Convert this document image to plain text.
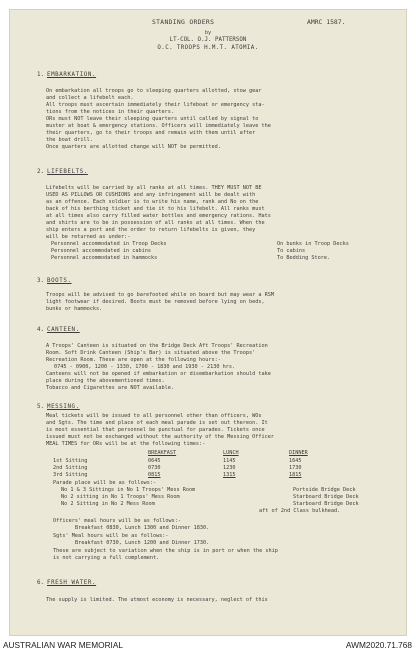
STANDING ORDERS	AMRC 1587.
by
LT-COL. O.J. PATTERSON
O.C. TROOPS H.M.T. ATOMIA.
1. EMBARKATION.
On embarkation all troops go to sleeping quarters allotted, stow gear
and collect a lifebelt each.
All troops must ascertain immediately their lifeboat or emergency sta-
tions from the notices in their quarters.
ORs must NOT leave their sleeping quarters until called by signal to
muster at boat & emergency stations. Officers will immediately leave the
their quarters, go to their troops and remain with them until after
the boat drill.
Once quarters are allotted change will NOT be permitted.
2. LIFEBELTS.
Lifebelts will be carried by all ranks at all times. THEY MUST NOT BE
USED AS PILLOWS OR CUSHIONS and any infringement will be dealt with
as an offence. Each soldier is to write his name, rank and No on the
back of his berthing ticket and tie it to his lifebelt. All ranks must
at all times also carry filled water bottles and emergency rations. Hats
and shirts are to be in possession of all ranks at all times. When the
ship enters a port and the order to return lifebelts is given, they
will be returned as under:-
Personnel accommodated in Troop Decks	On bunks in Troop Decks
Personnel accommodated in cabins	To cabins
Personnel accommodated in hammocks	To Bedding Store.
3. BOOTS.
Troops will be advised to go barefooted while on board but may wear a RSM
light footwear if desired. Boots must be removed before lying on beds,
bunks or hammocks.
4. CANTEEN.
A Troops' Canteen is situated on the Bridge Deck Aft Troops' Recreation
Room. Soft Drink Canteen (Ship's Bar) is situated above the Troops'
Recreation Room. These are open at the following hours:-
0745 - 0900, 1200 - 1330, 1700 - 1830 and 1930 - 2130 hrs.
Canteens will not be opened if embarkation or disembarkation should take
place during the abovementioned times.
Tobacco and Cigarettes are NOT available.
5. MESSING.
Meal tickets will be issued to all personnel other than officers, WOs
and Sgts. The time and place of each meal parade is set out thereon. It
is most essential that personnel be punctual for parades. Tickets once
issued must not be exchanged without the authority of the Messing Officer
MEAL TIMES for ORs will be at the following times:-
BREAKFAST	LUNCH	DINNER
1st Sitting	0645	1145	1645
2nd Sitting	0730	1230	1730
3rd Sitting	0815	1315	1815
Parade place will be as follows:-
No 1 & 3 Sittings in No 1 Troops' Mess Room	Portside Bridge Deck
No 2 sitting in No 1 Troops' Mess Room	Starboard Bridge Deck
No 2 Sitting in No 2 Mess Room	Starboard Bridge Deck
aft of 2nd Class bulkhead.
Officers' meal hours will be as follows:-
Breakfast 0830, Lunch 1300 and Dinner 1830.
Sgts' Meal hours will be as follows:-
Breakfast 0730, Lunch 1200 and Dinner 1730.
These are subject to variation when the ship is in port or when the ship
is not carrying a full complement.
6. FRESH WATER.
The supply is limited. The utmost economy is necessary, neglect of this
AUSTRALIAN WAR MEMORIAL	AWM2020.71.768
